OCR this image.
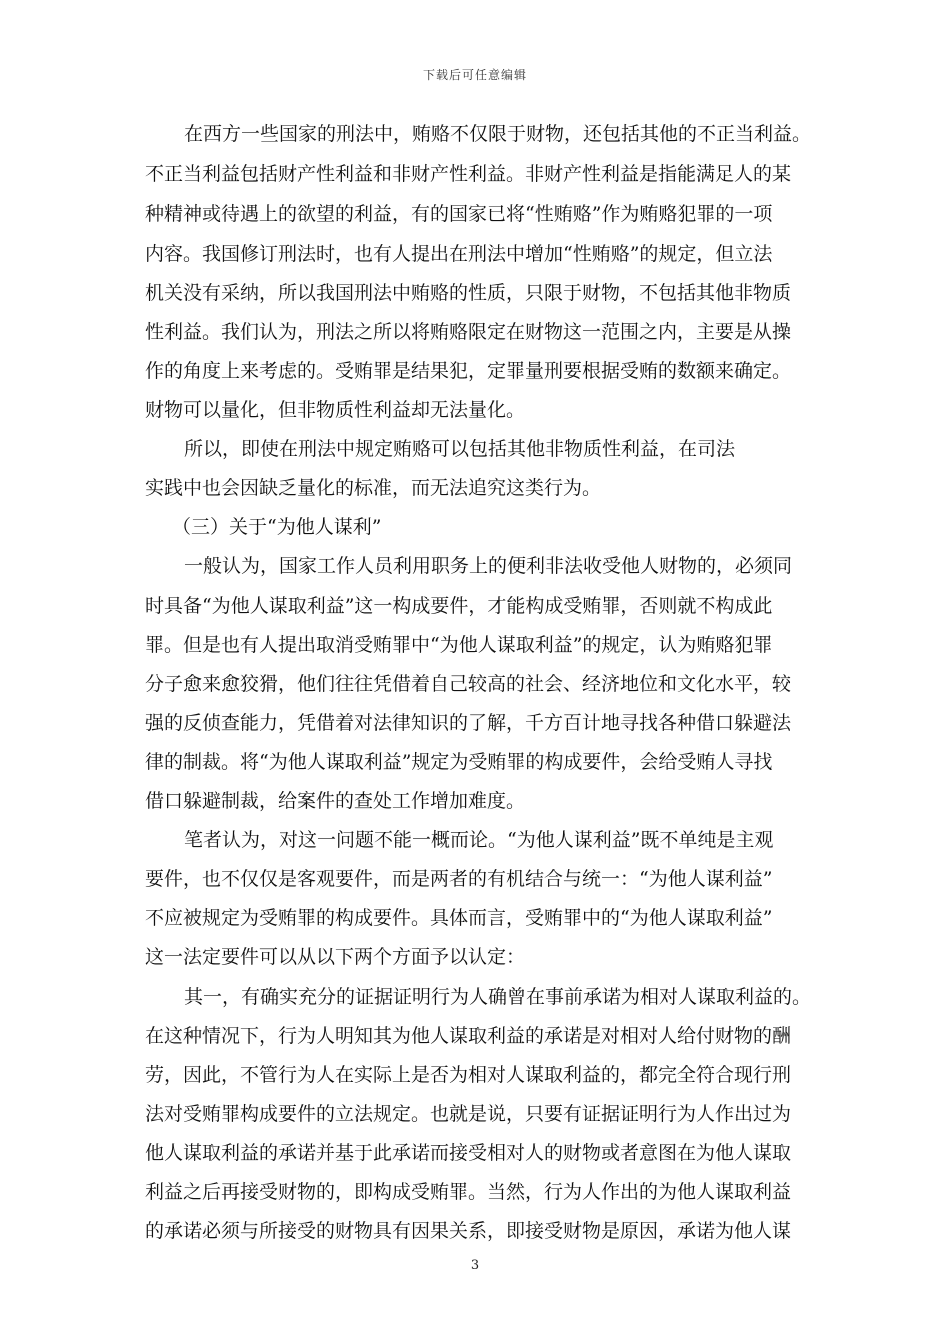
下载后可任意编辑
在西方一些国家的刑法中，贿赂不仅限于财物，还包括其他的不正当利益。
不正当利益包括财产性利益和非财产性利益。非财产性利益是指能满足人的某
种精神或待遇上的欲望的利益，有的国家已将“性贿赂”作为贿赂犯罪的一项
内容。我国修订刑法时，也有人提出在刑法中增加“性贿赂”的规定，但立法
机关没有采纳，所以我国刑法中贿赂的性质，只限于财物，不包括其他非物质
性利益。我们认为，刑法之所以将贿赂限定在财物这一范围之内，主要是从操
作的角度上来考虑的。受贿罪是结果犯，定罪量刑要根据受贿的数额来确定。
财物可以量化，但非物质性利益却无法量化。
所以，即使在刑法中规定贿赂可以包括其他非物质性利益，在司法
实践中也会因缺乏量化的标准，而无法追究这类行为。
（三）关于“为他人谋利”
一般认为，国家工作人员利用职务上的便利非法收受他人财物的，必须同
时具备“为他人谋取利益”这一构成要件，才能构成受贿罪，否则就不构成此
罪。但是也有人提出取消受贿罪中“为他人谋取利益”的规定，认为贿赂犯罪
分子愈来愈狡猾，他们往往凭借着自己较高的社会、经济地位和文化水平，较
强的反侦查能力，凭借着对法律知识的了解，千方百计地寻找各种借口躲避法
律的制裁。将“为他人谋取利益”规定为受贿罪的构成要件，会给受贿人寻找
借口躲避制裁，给案件的查处工作增加难度。
笔者认为，对这一问题不能一概而论。“为他人谋利益”既不单纯是主观
要件，也不仅仅是客观要件，而是两者的有机结合与统一：“为他人谋利益”
不应被规定为受贿罪的构成要件。具体而言，受贿罪中的“为他人谋取利益”
这一法定要件可以从以下两个方面予以认定：
其一，有确实充分的证据证明行为人确曾在事前承诺为相对人谋取利益的。
在这种情况下，行为人明知其为他人谋取利益的承诺是对相对人给付财物的酬
劳，因此，不管行为人在实际上是否为相对人谋取利益的，都完全符合现行刑
法对受贿罪构成要件的立法规定。也就是说，只要有证据证明行为人作出过为
他人谋取利益的承诺并基于此承诺而接受相对人的财物或者意图在为他人谋取
利益之后再接受财物的，即构成受贿罪。当然，行为人作出的为他人谋取利益
的承诺必须与所接受的财物具有因果关系，即接受财物是原因，承诺为他人谋
3
